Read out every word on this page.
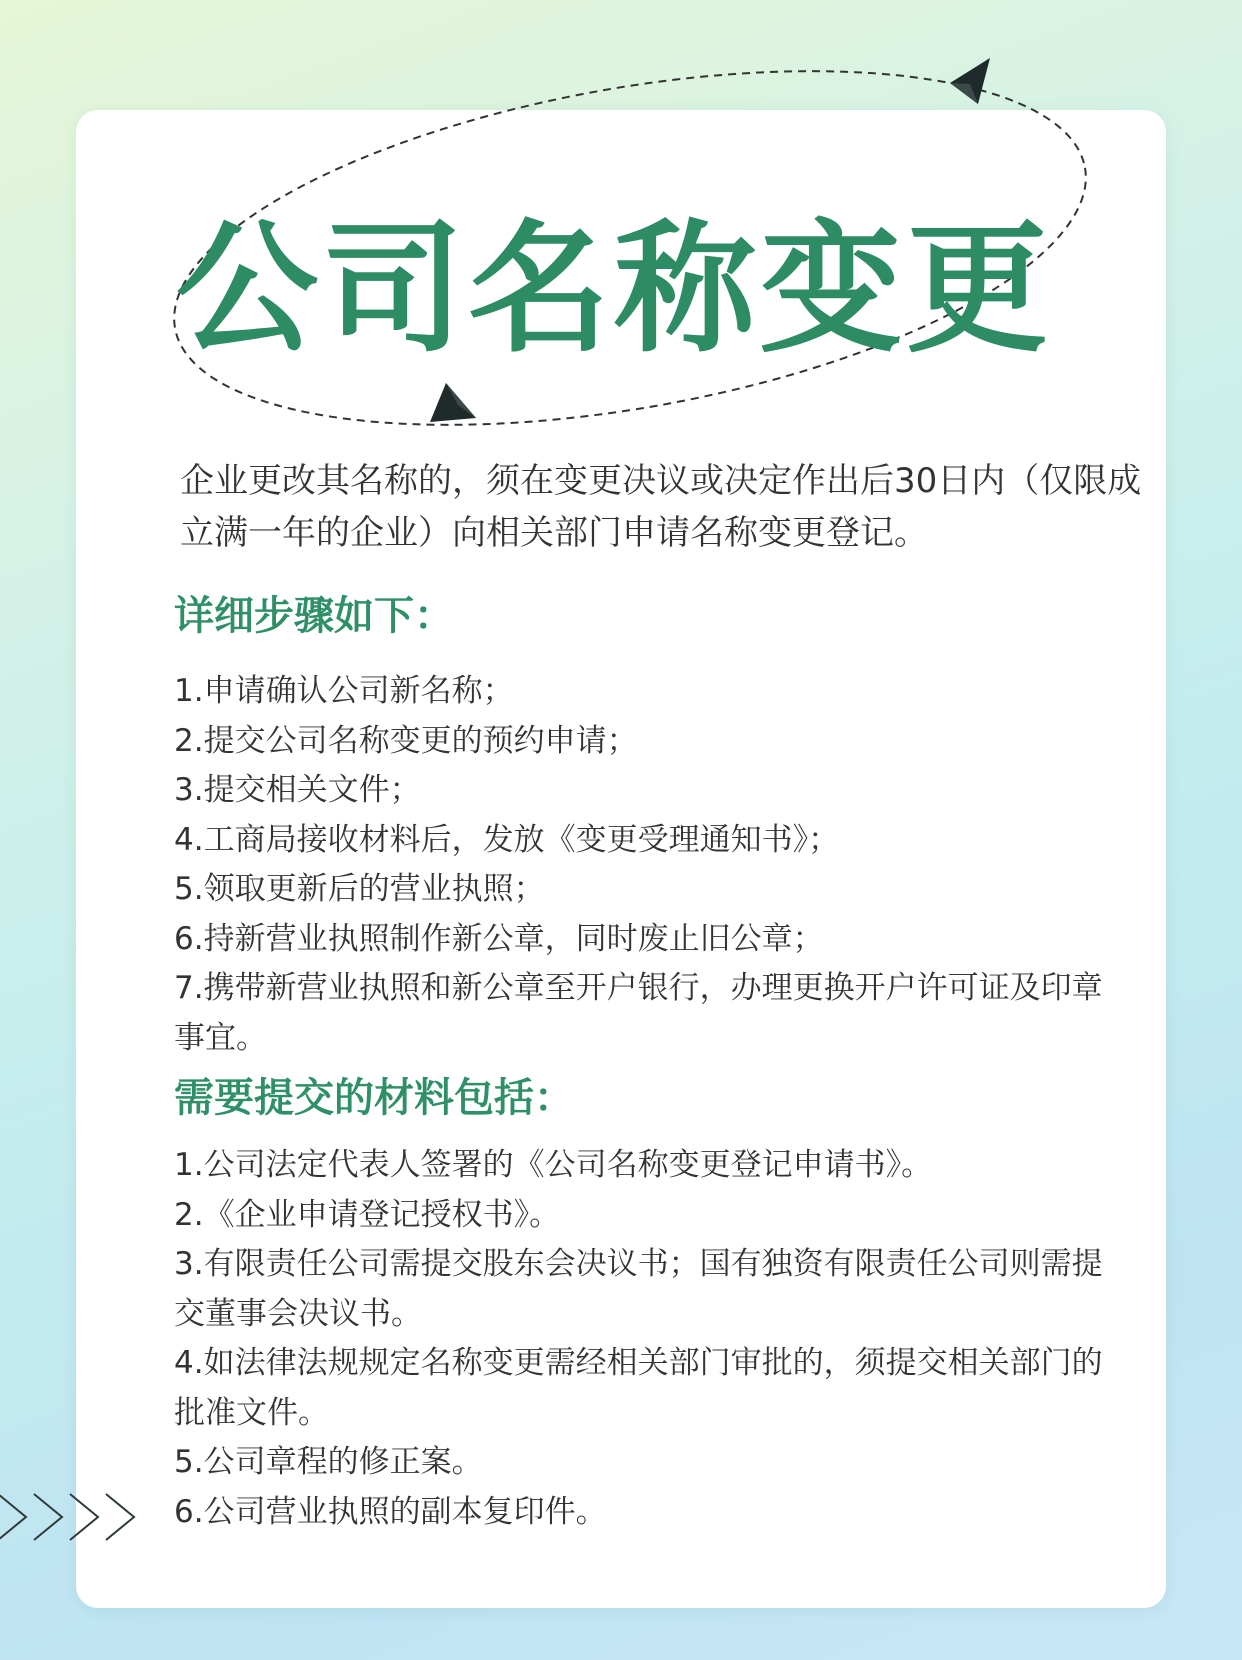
公司名称变更

企业更改其名称的，须在变更决议或决定作出后30日内（仅限成立满一年的企业）向相关部门申请名称变更登记。

详细步骤如下：
1.申请确认公司新名称；
2.提交公司名称变更的预约申请；
3.提交相关文件；
4.工商局接收材料后，发放《变更受理通知书》；
5.领取更新后的营业执照；
6.持新营业执照制作新公章，同时废止旧公章；
7.携带新营业执照和新公章至开户银行，办理更换开户许可证及印章事宜。
需要提交的材料包括：
1.公司法定代表人签署的《公司名称变更登记申请书》。
2.《企业申请登记授权书》。
3.有限责任公司需提交股东会决议书；国有独资有限责任公司则需提交董事会决议书。
4.如法律法规规定名称变更需经相关部门审批的，须提交相关部门的批准文件。
5.公司章程的修正案。
6.公司营业执照的副本复印件。
